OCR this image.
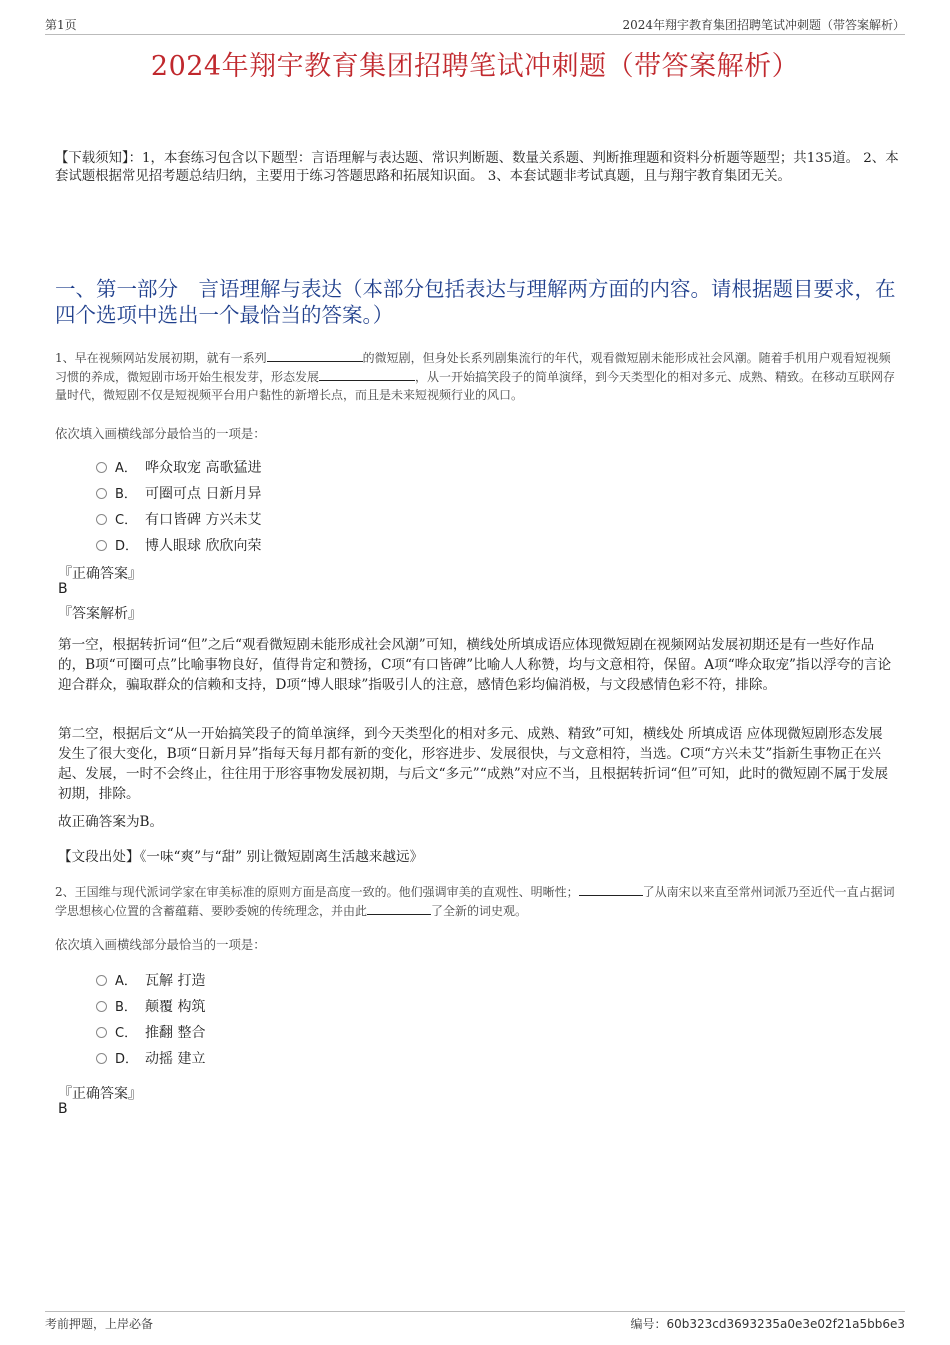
第1页	2024年翔宇教育集团招聘笔试冲刺题（带答案解析）
2024年翔宇教育集团招聘笔试冲刺题（带答案解析）
【下载须知】：1，本套练习包含以下题型：言语理解与表达题、常识判断题、数量关系题、判断推理题和资料分析题等题型；共135道。 2、本套试题根据常见招考题总结归纳，主要用于练习答题思路和拓展知识面。 3、本套试题非考试真题，且与翔宇教育集团无关。
一、第一部分　言语理解与表达（本部分包括表达与理解两方面的内容。请根据题目要求，在四个选项中选出一个最恰当的答案。）
1、早在视频网站发展初期，就有一系列	的微短剧，但身处长系列剧集流行的年代，观看微短剧未能形成社会风潮。随着手机用户观看短视频习惯的养成，微短剧市场开始生根发芽，形态发展	，从一开始搞笑段子的简单演绎，到今天类型化的相对多元、成熟、精致。在移动互联网存量时代，微短剧不仅是短视频平台用户黏性的新增长点，而且是未来短视频行业的风口。
依次填入画横线部分最恰当的一项是：
A． 哗众取宠 高歌猛进
B． 可圈可点 日新月异
C． 有口皆碑 方兴未艾
D． 博人眼球 欣欣向荣
『正确答案』
B
『答案解析』
第一空，根据转折词“但”之后“观看微短剧未能形成社会风潮”可知，横线处所填成语应体现微短剧在视频网站发展初期还是有一些好作品的，B项“可圈可点”比喻事物良好，值得肯定和赞扬，C项“有口皆碑”比喻人人称赞，均与文意相符，保留。A项“哗众取宠”指以浮夸的言论迎合群众，骗取群众的信赖和支持，D项“博人眼球”指吸引人的注意，感情色彩均偏消极，与文段感情色彩不符，排除。
第二空，根据后文“从一开始搞笑段子的简单演绎，到今天类型化的相对多元、成熟、精致”可知，横线处 所填成语 应体现微短剧形态发展发生了很大变化，B项“日新月异”指每天每月都有新的变化，形容进步、发展很快，与文意相符，当选。C项“方兴未艾”指新生事物正在兴起、发展，一时不会终止，往往用于形容事物发展初期，与后文“多元”“成熟”对应不当，且根据转折词“但”可知，此时的微短剧不属于发展初期，排除。
故正确答案为B。
【文段出处】《一味“爽”与“甜” 别让微短剧离生活越来越远》
2、王国维与现代派词学家在审美标准的原则方面是高度一致的。他们强调审美的直观性、明晰性；	了从南宋以来直至常州词派乃至近代一直占据词学思想核心位置的含蓄蕴藉、要眇委婉的传统理念，并由此	了全新的词史观。
依次填入画横线部分最恰当的一项是：
A． 瓦解 打造
B． 颠覆 构筑
C． 推翻 整合
D． 动摇 建立
『正确答案』
B
考前押题，上岸必备	编号：60b323cd3693235a0e3e02f21a5bb6e3
